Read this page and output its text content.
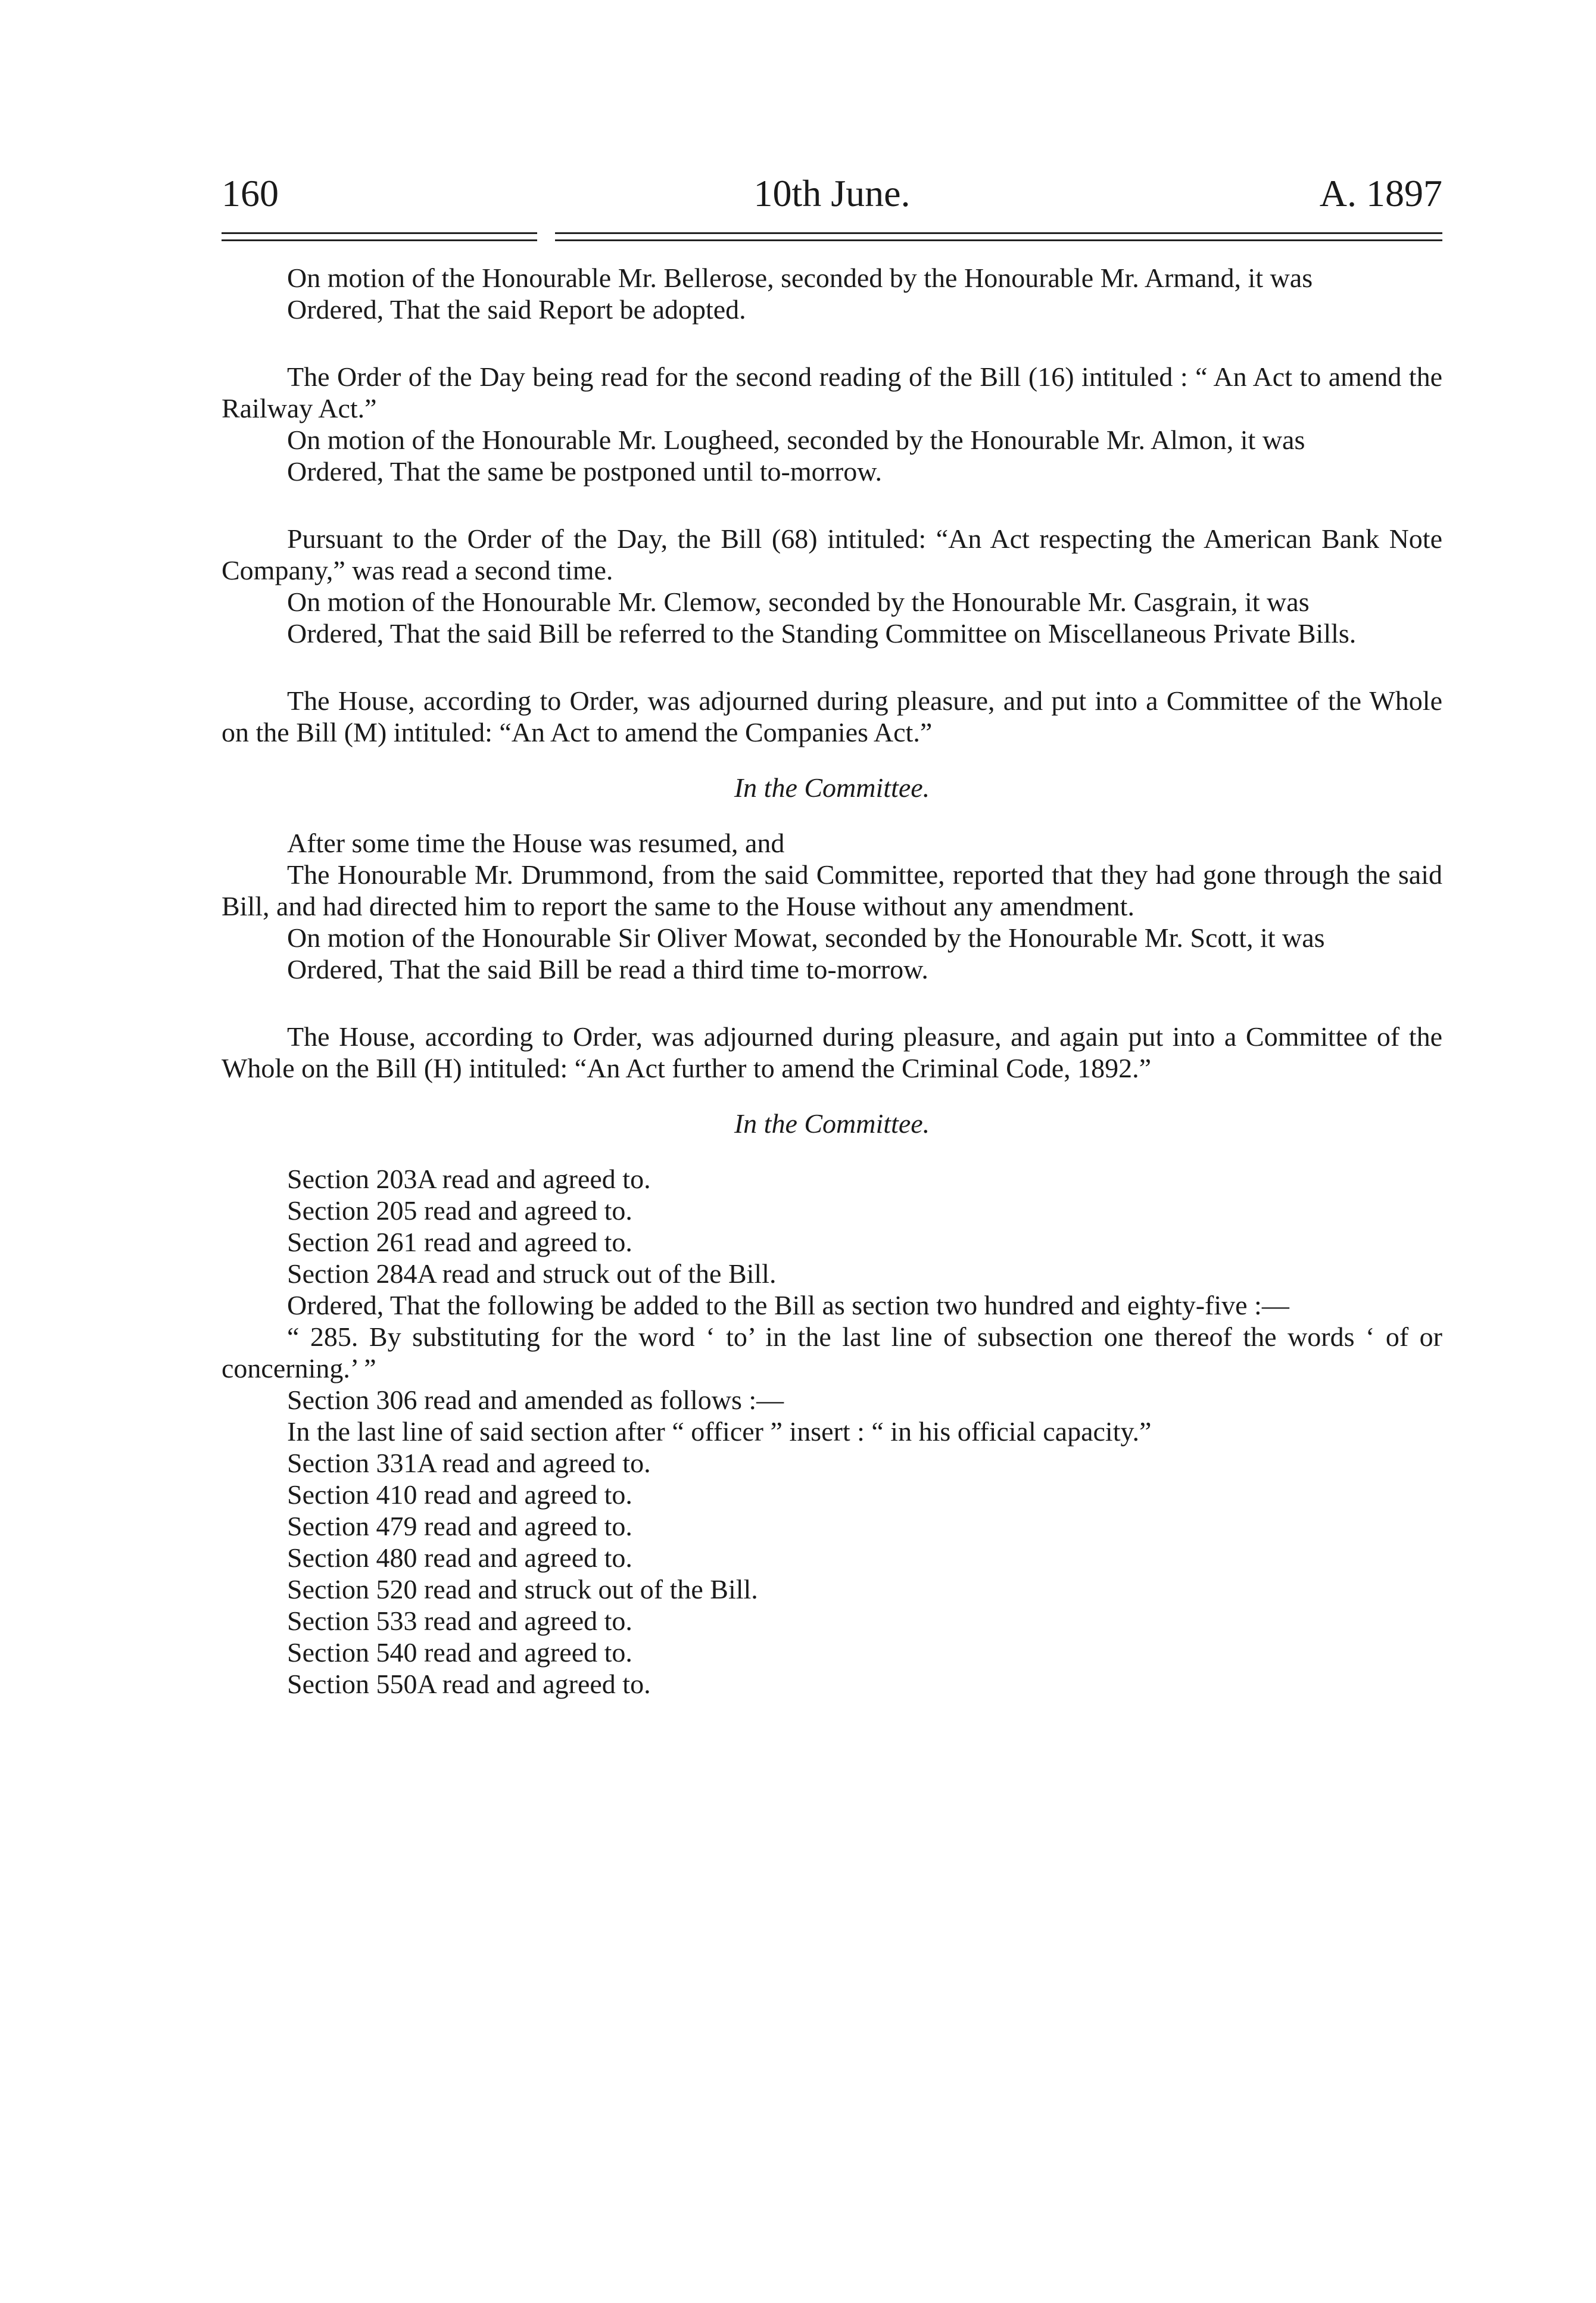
160	10th June.	A. 1897

On motion of the Honourable Mr. Bellerose, seconded by the Honourable Mr. Armand, it was

Ordered, That the said Report be adopted.

The Order of the Day being read for the second reading of the Bill (16) intituled : “ An Act to amend the Railway Act.”

On motion of the Honourable Mr. Lougheed, seconded by the Honourable Mr. Almon, it was

Ordered, That the same be postponed until to-morrow.

Pursuant to the Order of the Day, the Bill (68) intituled: “An Act respecting the American Bank Note Company,” was read a second time.

On motion of the Honourable Mr. Clemow, seconded by the Honourable Mr. Casgrain, it was

Ordered, That the said Bill be referred to the Standing Committee on Miscellaneous Private Bills.

The House, according to Order, was adjourned during pleasure, and put into a Committee of the Whole on the Bill (M) intituled: “An Act to amend the Companies Act.”

In the Committee.

After some time the House was resumed, and

The Honourable Mr. Drummond, from the said Committee, reported that they had gone through the said Bill, and had directed him to report the same to the House without any amendment.

On motion of the Honourable Sir Oliver Mowat, seconded by the Honourable Mr. Scott, it was

Ordered, That the said Bill be read a third time to-morrow.

The House, according to Order, was adjourned during pleasure, and again put into a Committee of the Whole on the Bill (H) intituled: “An Act further to amend the Criminal Code, 1892.”

In the Committee.

Section 203A read and agreed to.

Section 205 read and agreed to.

Section 261 read and agreed to.

Section 284A read and struck out of the Bill.

Ordered, That the following be added to the Bill as section two hundred and eighty-five :—

“ 285. By substituting for the word ‘ to’ in the last line of subsection one thereof the words ‘ of or concerning.’ ”

Section 306 read and amended as follows :—

In the last line of said section after “ officer ” insert : “ in his official capacity.”

Section 331A read and agreed to.

Section 410 read and agreed to.

Section 479 read and agreed to.

Section 480 read and agreed to.

Section 520 read and struck out of the Bill.

Section 533 read and agreed to.

Section 540 read and agreed to.

Section 550A read and agreed to.
